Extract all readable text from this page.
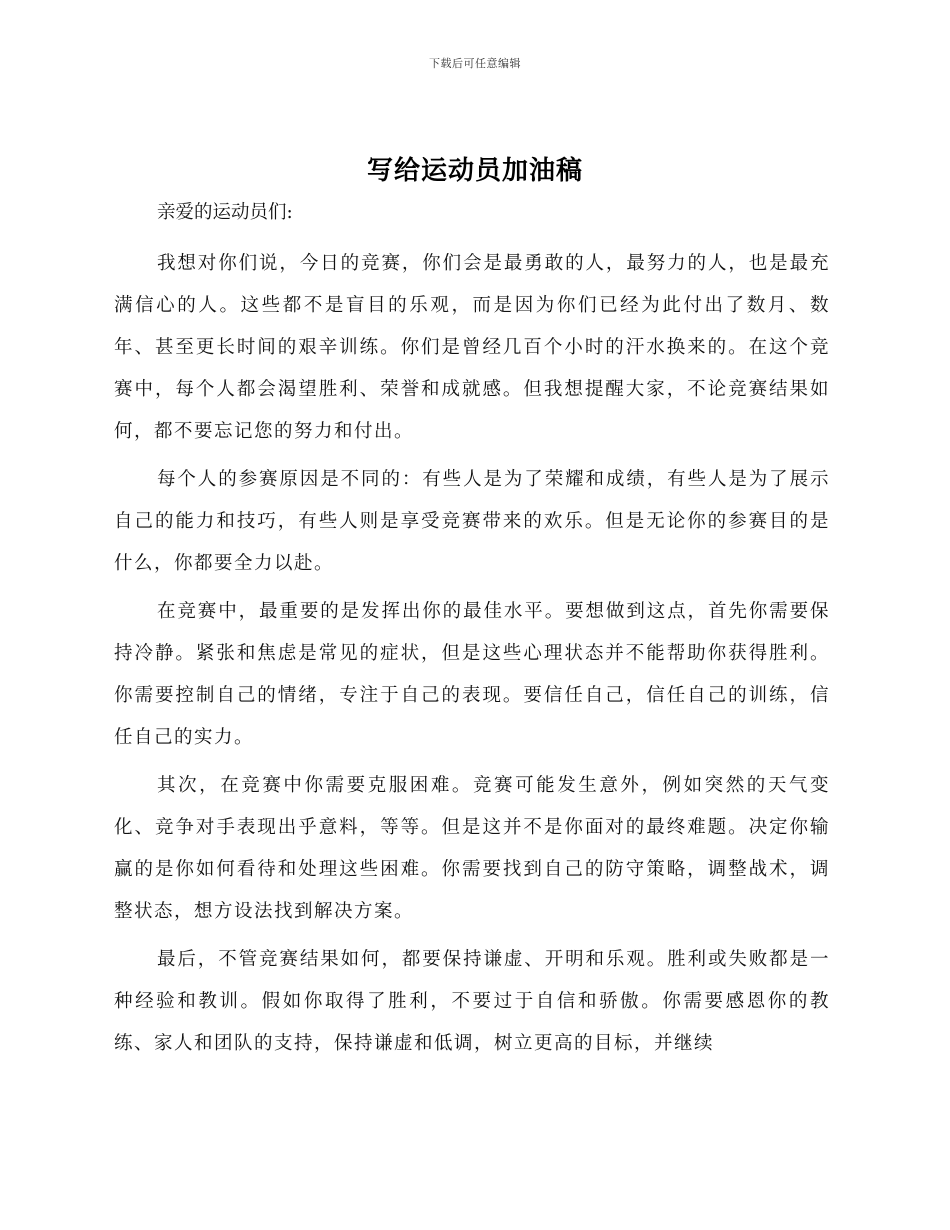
下载后可任意编辑
写给运动员加油稿

亲爱的运动员们:

我想对你们说，今日的竞赛，你们会是最勇敢的人，最努力的人，也是最充满信心的人。这些都不是盲目的乐观，而是因为你们已经为此付出了数月、数年、甚至更长时间的艰辛训练。你们是曾经几百个小时的汗水换来的。在这个竞赛中，每个人都会渴望胜利、荣誉和成就感。但我想提醒大家，不论竞赛结果如何，都不要忘记您的努力和付出。

每个人的参赛原因是不同的：有些人是为了荣耀和成绩，有些人是为了展示自己的能力和技巧，有些人则是享受竞赛带来的欢乐。但是无论你的参赛目的是什么，你都要全力以赴。

在竞赛中，最重要的是发挥出你的最佳水平。要想做到这点，首先你需要保持冷静。紧张和焦虑是常见的症状，但是这些心理状态并不能帮助你获得胜利。你需要控制自己的情绪，专注于自己的表现。要信任自己，信任自己的训练，信任自己的实力。

其次，在竞赛中你需要克服困难。竞赛可能发生意外，例如突然的天气变化、竞争对手表现出乎意料，等等。但是这并不是你面对的最终难题。决定你输赢的是你如何看待和处理这些困难。你需要找到自己的防守策略，调整战术，调整状态，想方设法找到解决方案。

最后，不管竞赛结果如何，都要保持谦虚、开明和乐观。胜利或失败都是一种经验和教训。假如你取得了胜利，不要过于自信和骄傲。你需要感恩你的教练、家人和团队的支持，保持谦虚和低调，树立更高的目标，并继续
